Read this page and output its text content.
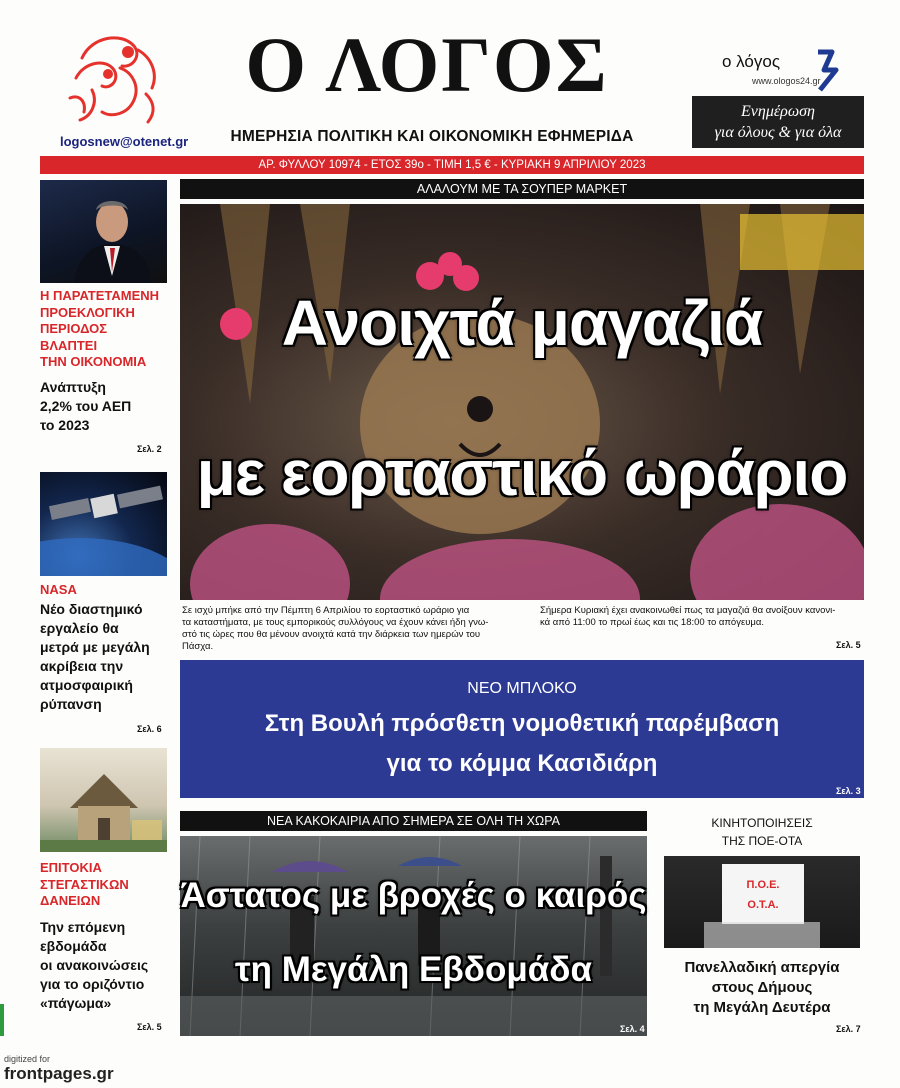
logosnew@otenet.gr
Ο ΛΟΓΟΣ
ΗΜΕΡΗΣΙΑ ΠΟΛΙΤΙΚΗ ΚΑΙ ΟΙΚΟΝΟΜΙΚΗ ΕΦΗΜΕΡΙΔΑ
ο λόγος
www.ologos24.gr
Ενημέρωση
για όλους & για όλα
ΑΡ. ΦΥΛΛΟΥ 10974 - ΕΤΟΣ 39ο - ΤΙΜΗ 1,5 € - ΚΥΡΙΑΚΗ 9 ΑΠΡΙΛΙΟΥ 2023
Η ΠΑΡΑΤΕΤΑΜΕΝΗ
ΠΡΟΕΚΛΟΓΙΚΗ
ΠΕΡΙΟΔΟΣ
ΒΛΑΠΤΕΙ
ΤΗΝ ΟΙΚΟΝΟΜΙΑ
Ανάπτυξη
2,2% του ΑΕΠ
το 2023
Σελ. 2
NASA
Νέο διαστημικό
εργαλείο θα
μετρά με μεγάλη
ακρίβεια την
ατμοσφαιρική
ρύπανση
Σελ. 6
ΕΠΙΤΟΚΙΑ
ΣΤΕΓΑΣΤΙΚΩΝ
ΔΑΝΕΙΩΝ
Την επόμενη
εβδομάδα
οι ανακοινώσεις
για το οριζόντιο
«πάγωμα»
Σελ. 5
ΑΛΑΛΟΥΜ ΜΕ ΤΑ ΣΟΥΠΕΡ ΜΑΡΚΕΤ
Ανοιχτά μαγαζιά
με εορταστικό ωράριο
Σε ισχύ μπήκε από την Πέμπτη 6 Απριλίου το εορταστικό ωράριο για
τα καταστήματα, με τους εμπορικούς συλλόγους να έχουν κάνει ήδη γνω-
στό τις ώρες που θα μένουν ανοιχτά κατά την διάρκεια των ημερών του
Πάσχα.
Σήμερα Κυριακή έχει ανακοινωθεί πως τα μαγαζιά θα ανοίξουν κανονι-
κά από 11:00 το πρωί έως και τις 18:00 το απόγευμα.
Σελ. 5
ΝΕΟ ΜΠΛΟΚΟ
Στη Βουλή πρόσθετη νομοθετική παρέμβαση
για το κόμμα Κασιδιάρη
Σελ. 3
ΝΕΑ ΚΑΚΟΚΑΙΡΙΑ ΑΠΟ ΣΗΜΕΡΑ ΣΕ ΟΛΗ ΤΗ ΧΩΡΑ
Άστατος με βροχές ο καιρός
τη Μεγάλη Εβδομάδα
Σελ. 4
ΚΙΝΗΤΟΠΟΙΗΣΕΙΣ
ΤΗΣ ΠΟΕ-ΟΤΑ
Π.Ο.Ε.
Ο.Τ.Α.
Πανελλαδική απεργία
στους Δήμους
τη Μεγάλη Δευτέρα
Σελ. 7
digitized for
frontpages.gr
